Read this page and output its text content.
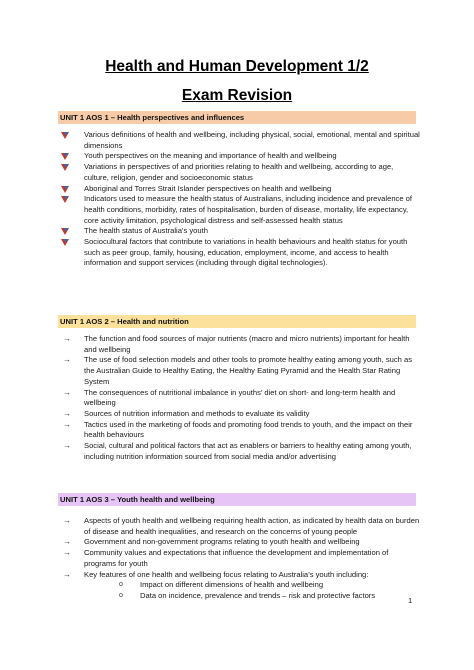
Health and Human Development 1/2
Exam Revision
UNIT 1 AOS 1 – Health perspectives and influences
Various definitions of health and wellbeing, including physical, social, emotional, mental and spiritual dimensions
Youth perspectives on the meaning and importance of health and wellbeing
Variations in perspectives of and priorities relating to health and wellbeing, according to age, culture, religion, gender and socioeconomic status
Aboriginal and Torres Strait Islander perspectives on health and wellbeing
Indicators used to measure the health status of Australians, including incidence and prevalence of health conditions, morbidity, rates of hospitalisation, burden of disease, mortality, life expectancy, core activity limitation, psychological distress and self-assessed health status
The health status of Australia’s youth
Sociocultural factors that contribute to variations in health behaviours and health status for youth such as peer group, family, housing, education, employment, income, and access to health information and support services (including through digital technologies).
UNIT 1 AOS 2 – Health and nutrition
→	The function and food sources of major nutrients (macro and micro nutrients) important for health and wellbeing
→	The use of food selection models and other tools to promote healthy eating among youth, such as the Australian Guide to Healthy Eating, the Healthy Eating Pyramid and the Health Star Rating System
→	The consequences of nutritional imbalance in youths’ diet on short- and long-term health and wellbeing
→	Sources of nutrition information and methods to evaluate its validity
→	Tactics used in the marketing of foods and promoting food trends to youth, and the impact on their health behaviours
→	Social, cultural and political factors that act as enablers or barriers to healthy eating among youth, including nutrition information sourced from social media and/or advertising
UNIT 1 AOS 3 – Youth health and wellbeing
→	Aspects of youth health and wellbeing requiring health action, as indicated by health data on burden of disease and health inequalities, and research on the concerns of young people
→	Government and non-government programs relating to youth health and wellbeing
→	Community values and expectations that influence the development and implementation of programs for youth
→	Key features of one health and wellbeing focus relating to Australia’s youth including:
o	Impact on different dimensions of health and wellbeing
o	Data on incidence, prevalence and trends – risk and protective factors
1
